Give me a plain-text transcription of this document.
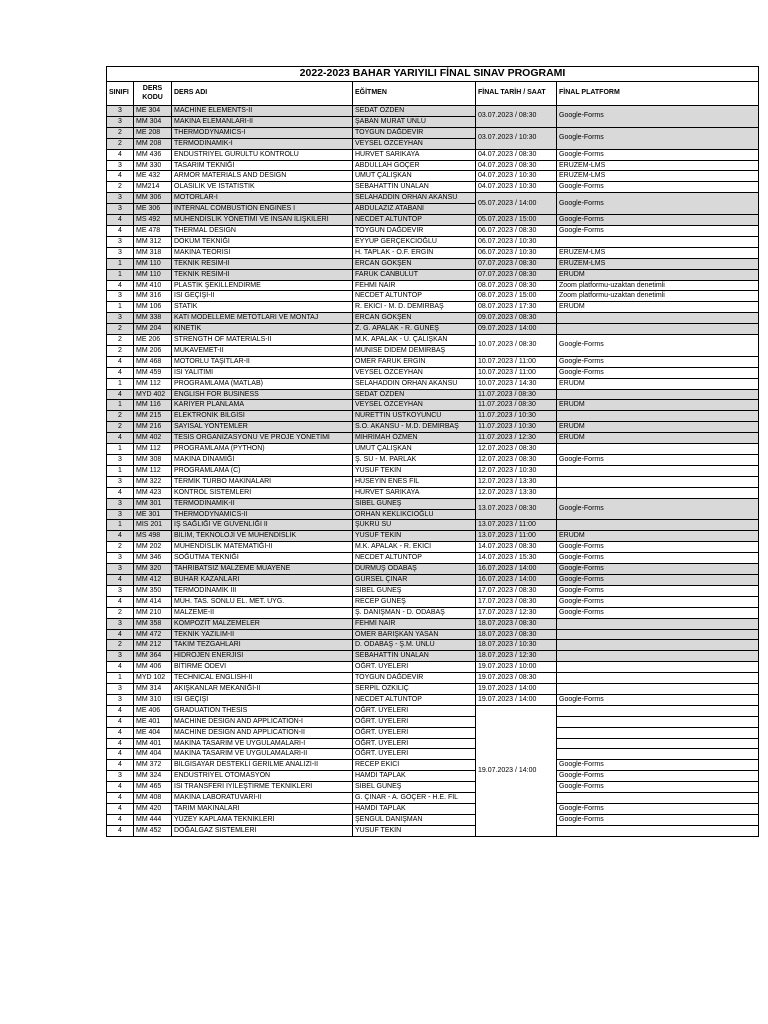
2022-2023 BAHAR YARIYILI FİNAL SINAV PROGRAMI					
SINIFI	DERS KODU	DERS ADI	EĞİTMEN	FİNAL TARİH / SAAT	FİNAL PLATFORM
3	ME 304	MACHINE ELEMENTS-II	SEDAT ÖZDEN	03.07.2023 / 08:30	Google-Forms
3	MM 304	MAKİNA ELEMANLARI-II	ŞABAN MURAT ÜNLÜ		
2	ME 208	THERMODYNAMICS-I	TOYGUN DAĞDEVİR	03.07.2023 / 10:30	Google-Forms
2	MM 208	TERMODİNAMİK-I	VEYSEL ÖZCEYHAN		
4	MM 436	ENDÜSTRİYEL GÜRÜLTÜ KONTROLÜ	HÜRVET SARIKAYA	04.07.2023 / 08:30	Google-Forms
3	MM 330	TASARIM TEKNİĞİ	ABDULLAH GÖÇER	04.07.2023 / 08:30	ERUZEM-LMS
4	ME 432	ARMOR MATERIALS AND DESIGN	UMUT ÇALIŞKAN	04.07.2023 / 10:30	ERUZEM-LMS
2	MM214	OLASILIK VE İSTATİSTİK	SEBAHATTİN ÜNALAN	04.07.2023 / 10:30	Google-Forms
3	MM 306	MOTORLAR-I	SELAHADDİN ORHAN AKANSU	05.07.2023 / 14:00	Google-Forms
3	ME 306	INTERNAL COMBUSTION ENGINES I	ABDULAZIZ ATABANİ		
4	MS 492	MÜHENDİSLİK YÖNETİMİ VE İNSAN İLİŞKİLERİ	NECDET ALTUNTOP	05.07.2023 / 15:00	Google-Forms
4	ME 478	THERMAL DESIGN	TOYGUN DAĞDEVİR	06.07.2023 / 08:30	Google-Forms
3	MM 312	DÖKÜM TEKNİĞİ	EYYUP GERÇEKCİOĞLU	06.07.2023 / 10:30	
3	MM 318	MAKİNA TEORİSİ	H. TAPLAK - Ö.F. ERGİN	06.07.2023 / 10:30	ERUZEM-LMS
1	MM 110	TEKNİK RESİM-II	ERCAN GÖKŞEN	07.07.2023 / 08:30	ERUZEM-LMS
1	MM 110	TEKNİK RESİM-II	FARUK CANBULUT	07.07.2023 / 08:30	ERUDM
4	MM 410	PLASTİK ŞEKİLLENDİRME	FEHMİ NAİR	08.07.2023 / 08:30	Zoom platformu-uzaktan denetimli
3	MM 316	ISI GEÇİŞİ-II	NECDET ALTUNTOP	08.07.2023 / 15:00	Zoom platformu-uzaktan denetimli
1	MM 106	STATİK	R. EKİCİ - M. D. DEMİRBAŞ	08.07.2023 / 17:30	ERUDM
3	MM 338	KATI MODELLEME METOTLARI VE MONTAJ	ERCAN GÖKŞEN	09.07.2023 / 08:30	
2	MM 204	KİNETİK	Z. G. APALAK - R. GÜNEŞ	09.07.2023 / 14:00	
2	ME 206	STRENGTH OF MATERIALS-II	M.K. APALAK - U. ÇALIŞKAN	10.07.2023 / 08:30	Google-Forms
2	MM 206	MUKAVEMET-II	MUNİSE DİDEM DEMİRBAŞ		
4	MM 468	MOTORLU TAŞITLAR-II	ÖMER FARUK ERGİN	10.07.2023 / 11:00	Google-Forms
4	MM 459	ISI YALITIMI	VEYSEL ÖZCEYHAN	10.07.2023 / 11:00	Google-Forms
1	MM 112	PROGRAMLAMA (MATLAB)	SELAHADDİN ORHAN AKANSU	10.07.2023 / 14:30	ERUDM
4	MYD 402	ENGLISH FOR BUSINESS	SEDAT ÖZDEN	11.07.2023 / 08:30	
1	MM 116	KARİYER PLANLAMA	VEYSEL ÖZCEYHAN	11.07.2023 / 08:30	ERUDM
2	MM 215	ELEKTRONİK BİLGİSİ	NURETTİN ÜSTKOYUNCU	11.07.2023 / 10:30	
2	MM 216	SAYISAL YÖNTEMLER	S.O. AKANSU - M.D. DEMİRBAŞ	11.07.2023 / 10:30	ERUDM
4	MM 402	TESİS ORGANİZASYONU VE PROJE YÖNETİMİ	MİHRİMAH ÖZMEN	11.07.2023 / 12:30	ERUDM
1	MM 112	PROGRAMLAMA (PYTHON)	UMUT ÇALIŞKAN	12.07.2023 / 08:30	
3	MM 308	MAKİNA DİNAMİĞİ	Ş. SU - M. PARLAK	12.07.2023 / 08:30	Google-Forms
1	MM 112	PROGRAMLAMA (C)	YUSUF TEKİN	12.07.2023 / 10:30	
3	MM 322	TERMİK TÜRBO MAKİNALARI	HÜSEYİN ENES FİL	12.07.2023 / 13:30	
4	MM 423	KONTROL SİSTEMLERİ	HÜRVET SARIKAYA	12.07.2023 / 13:30	
3	MM 301	TERMODİNAMİK-II	SİBEL GÜNEŞ	13.07.2023 / 08:30	Google-Forms
3	ME 301	THERMODYNAMICS-II	ORHAN KEKLİKCİOĞLU		
1	MİS 201	İŞ SAĞLIĞI VE GÜVENLİĞİ II	ŞÜKRÜ SU	13.07.2023 / 11:00	
4	MS 498	BİLİM, TEKNOLOJİ VE MÜHENDİSLİK	YUSUF TEKİN	13.07.2023 / 11:00	ERUDM
2	MM 202	MÜHENDİSLİK MATEMATİĞİ-II	M.K. APALAK - R. EKİCİ	14.07.2023 / 08:30	Google-Forms
3	MM 346	SOĞUTMA TEKNİĞİ	NECDET ALTUNTOP	14.07.2023 / 15:30	Google-Forms
3	MM 320	TAHRİBATSIZ MALZEME MUAYENE	DURMUŞ ODABAŞ	16.07.2023 / 14:00	Google-Forms
4	MM 412	BUHAR KAZANLARI	GÜRSEL ÇINAR	16.07.2023 / 14:00	Google-Forms
3	MM 350	TERMODİNAMİK III	SİBEL GÜNEŞ	17.07.2023 / 08:30	Google-Forms
4	MM 414	MÜH. TAS. SONLU EL. MET. UYG.	RECEP GÜNEŞ	17.07.2023 / 08:30	Google-Forms
2	MM 210	MALZEME-II	Ş. DANIŞMAN - D. ODABAŞ	17.07.2023 / 12:30	Google-Forms
3	MM 358	KOMPOZİT MALZEMELER	FEHMİ NAİR	18.07.2023 / 08:30	
4	MM 472	TEKNİK YAZILIM-II	ÖMER BARIŞKAN YASAN	18.07.2023 / 08:30	
2	MM 212	TAKIM TEZGAHLARI	D. ODABAŞ - Ş.M. ÜNLÜ	18.07.2023 / 10:30	
3	MM 364	HİDROJEN ENERJİSİ	SEBAHATTİN ÜNALAN	18.07.2023 / 12:30	
4	MM 406	BİTİRME ÖDEVİ	ÖĞRT. ÜYELERİ	19.07.2023 / 10:00	
1	MYD 102	TECHNICAL ENGLISH-II	TOYGUN DAĞDEVİR	19.07.2023 / 08:30	
3	MM 314	AKIŞKANLAR MEKANİĞİ-II	SERPİL ÖZKILIÇ	19.07.2023 / 14:00	
3	MM 310	ISI GEÇİŞİ	NECDET ALTUNTOP	19.07.2023 / 14:00	Google-Forms
4	ME 406	GRADUATION THESIS	ÖĞRT. ÜYELERİ	19.07.2023 / 14:00	
4	ME 401	MACHINE DESIGN AND APPLICATION-I	ÖĞRT. ÜYELERİ		
4	ME 404	MACHINE DESIGN AND APPLICATION-II	ÖĞRT. ÜYELERİ		
4	MM 401	MAKİNA TASARIM VE UYGULAMALARI-I	ÖĞRT. ÜYELERİ		
4	MM 404	MAKİNA TASARIM VE UYGULAMALARI-II	ÖĞRT. ÜYELERİ		
4	MM 372	BİLGİSAYAR DESTEKLİ GERİLME ANALİZİ-II	RECEP EKİCİ		Google-Forms
3	MM 324	ENDÜSTRİYEL OTOMASYON	HAMDİ TAPLAK		Google-Forms
4	MM 465	ISI TRANSFERİ İYİLEŞTİRME TEKNİKLERİ	SİBEL GÜNEŞ		Google-Forms
4	MM 408	MAKİNA LABORATUVARI-II	G. ÇINAR - A. GÖÇER - H.E. FİL		
4	MM 420	TARIM MAKİNALARI	HAMDİ TAPLAK		Google-Forms
4	MM 444	YÜZEY KAPLAMA TEKNİKLERİ	ŞENGÜL DANIŞMAN		Google-Forms
4	MM 452	DOĞALGAZ SİSTEMLERİ	YUSUF TEKİN		
